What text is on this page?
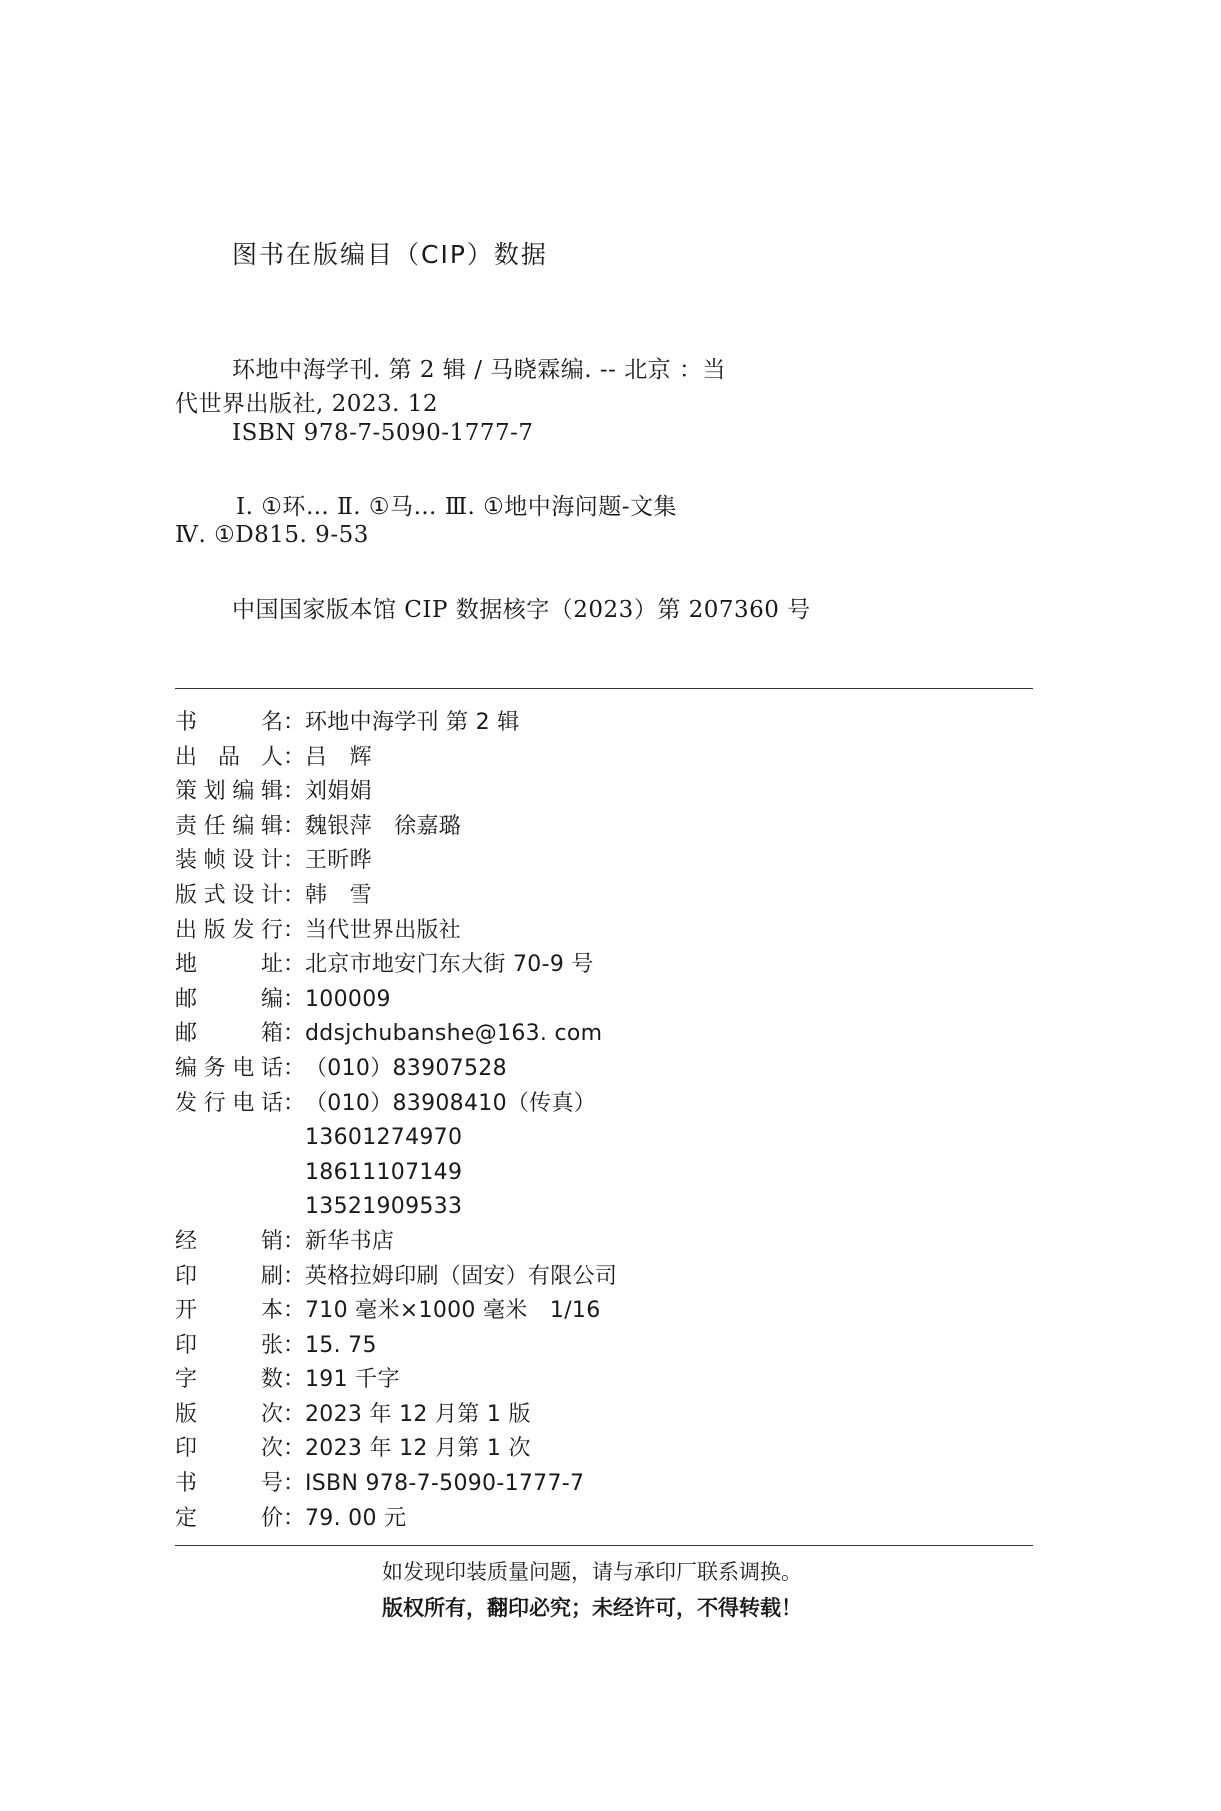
图书在版编目（CIP）数据
环地中海学刊. 第 2 辑 / 马晓霖编. -- 北京 ：当
代世界出版社, 2023. 12
ISBN 978-7-5090-1777-7
Ⅰ. ①环… Ⅱ. ①马… Ⅲ. ①地中海问题-文集
Ⅳ. ①D815. 9-53
中国国家版本馆 CIP 数据核字（2023）第 207360 号
书	名 ： 环地中海学刊 第 2 辑
出 品 人 ： 吕　辉
策 划 编 辑 ： 刘娟娟
责 任 编 辑 ： 魏银萍　徐嘉璐
装 帧 设 计 ： 王昕晔
版 式 设 计 ： 韩　雪
出 版 发 行 ： 当代世界出版社
地	址 ： 北京市地安门东大街 70-9 号
邮	编 ： 100009
邮	箱 ： ddsjchubanshe@163. com
编 务 电 话 ： （010）83907528
发 行 电 话 ： （010）83908410（传真）
13601274970
18611107149
13521909533
经	销 ： 新华书店
印	刷 ： 英格拉姆印刷（固安）有限公司
开	本 ： 710 毫米×1000 毫米　1/16
印	张 ： 15. 75
字	数 ： 191 千字
版	次 ： 2023 年 12 月第 1 版
印	次 ： 2023 年 12 月第 1 次
书	号 ： ISBN 978-7-5090-1777-7
定	价 ： 79. 00 元
如发现印装质量问题，请与承印厂联系调换。
版权所有，翻印必究；未经许可，不得转载！
